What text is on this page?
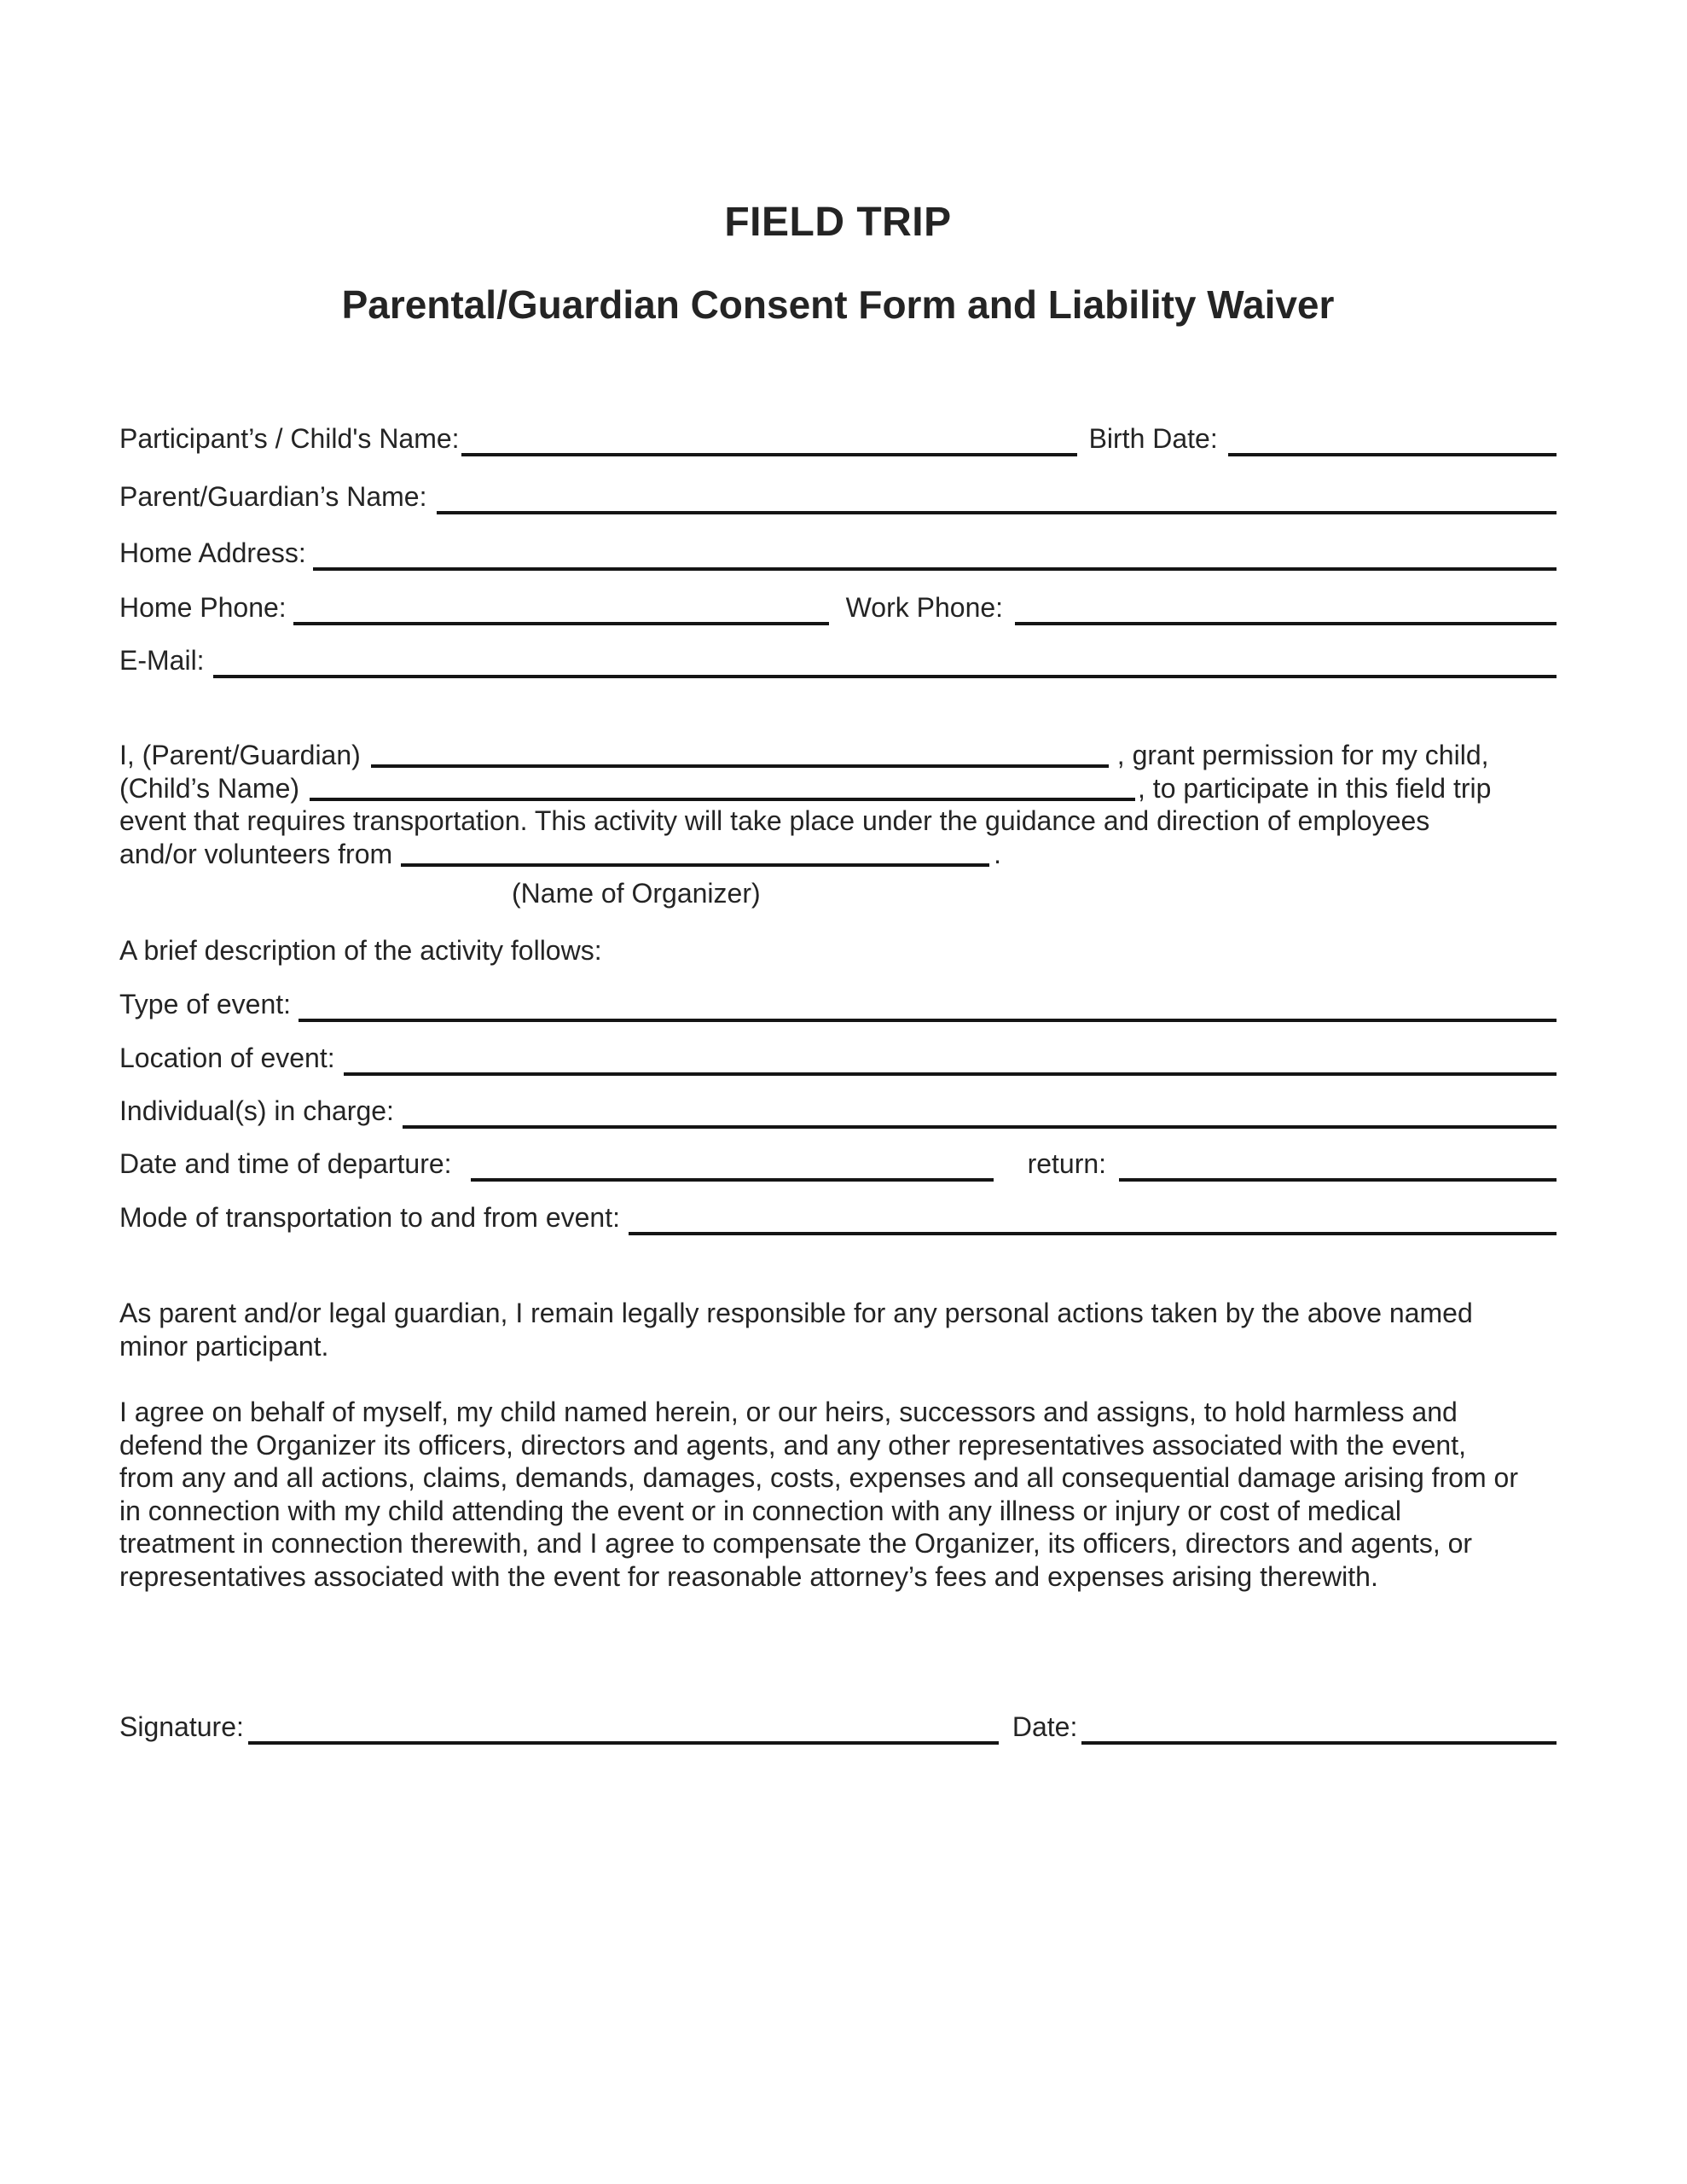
FIELD TRIP
Parental/Guardian Consent Form and Liability Waiver
Participant’s / Child's Name:	Birth Date:
Parent/Guardian’s Name:
Home Address:
Home Phone:	Work Phone:
E-Mail:
I, (Parent/Guardian)	, grant permission for my child,
(Child’s Name)	, to participate in this field trip
event that requires transportation. This activity will take place under the guidance and direction of employees
and/or volunteers from	.
(Name of Organizer)
A brief description of the activity follows:
Type of event:
Location of event:
Individual(s) in charge:
Date and time of departure:	return:
Mode of transportation to and from event:

As parent and/or legal guardian, I remain legally responsible for any personal actions taken by the above named minor participant.

I agree on behalf of myself, my child named herein, or our heirs, successors and assigns, to hold harmless and defend the Organizer its officers, directors and agents, and any other representatives associated with the event, from any and all actions, claims, demands, damages, costs, expenses and all consequential damage arising from or in connection with my child attending the event or in connection with any illness or injury or cost of medical treatment in connection therewith, and I agree to compensate the Organizer, its officers, directors and agents, or representatives associated with the event for reasonable attorney’s fees and expenses arising therewith.

Signature:	Date:
